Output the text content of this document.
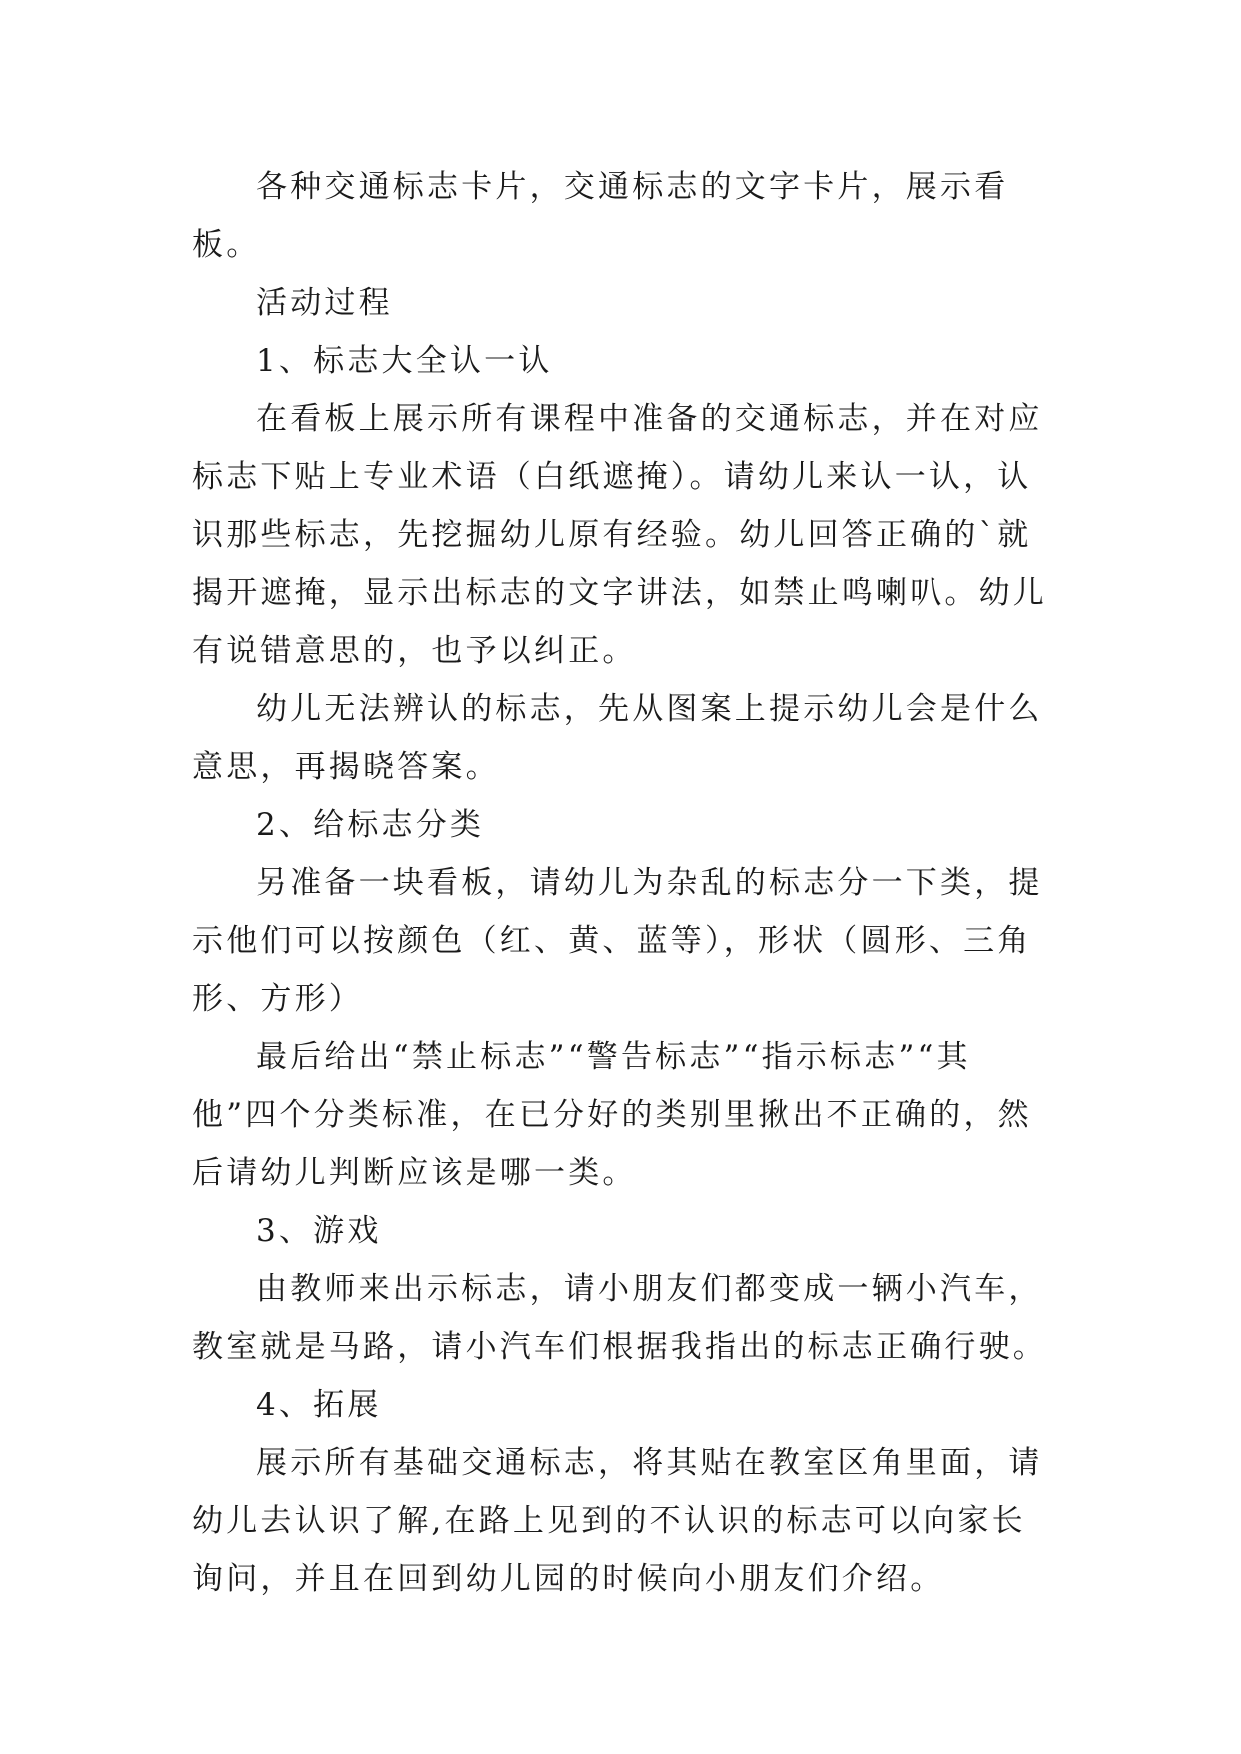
各种交通标志卡片，交通标志的文字卡片，展示看板。

活动过程

1、标志大全认一认

在看板上展示所有课程中准备的交通标志，并在对应标志下贴上专业术语（白纸遮掩）。请幼儿来认一认，认识那些标志，先挖掘幼儿原有经验。幼儿回答正确的`就揭开遮掩，显示出标志的文字讲法，如禁止鸣喇叭。幼儿有说错意思的，也予以纠正。

幼儿无法辨认的标志，先从图案上提示幼儿会是什么意思，再揭晓答案。

2、给标志分类

另准备一块看板，请幼儿为杂乱的标志分一下类，提示他们可以按颜色（红、黄、蓝等），形状（圆形、三角形、方形）

最后给出“禁止标志”“警告标志”“指示标志”“其他”四个分类标准，在已分好的类别里揪出不正确的，然后请幼儿判断应该是哪一类。

3、游戏

由教师来出示标志，请小朋友们都变成一辆小汽车，教室就是马路，请小汽车们根据我指出的标志正确行驶。

4、拓展

展示所有基础交通标志，将其贴在教室区角里面，请幼儿去认识了解,在路上见到的不认识的标志可以向家长询问，并且在回到幼儿园的时候向小朋友们介绍。
